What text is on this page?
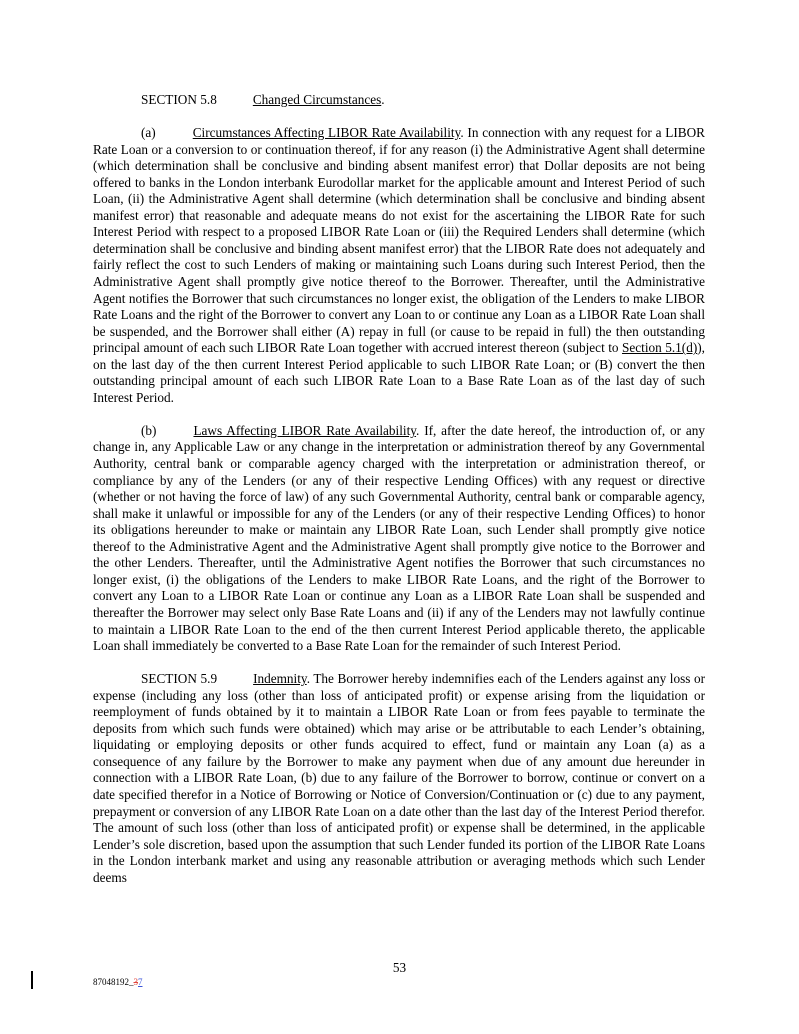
SECTION 5.8	Changed Circumstances.

(a)	Circumstances Affecting LIBOR Rate Availability. In connection with any request for a LIBOR Rate Loan or a conversion to or continuation thereof, if for any reason (i) the Administrative Agent shall determine (which determination shall be conclusive and binding absent manifest error) that Dollar deposits are not being offered to banks in the London interbank Eurodollar market for the applicable amount and Interest Period of such Loan, (ii) the Administrative Agent shall determine (which determination shall be conclusive and binding absent manifest error) that reasonable and adequate means do not exist for the ascertaining the LIBOR Rate for such Interest Period with respect to a proposed LIBOR Rate Loan or (iii) the Required Lenders shall determine (which determination shall be conclusive and binding absent manifest error) that the LIBOR Rate does not adequately and fairly reflect the cost to such Lenders of making or maintaining such Loans during such Interest Period, then the Administrative Agent shall promptly give notice thereof to the Borrower. Thereafter, until the Administrative Agent notifies the Borrower that such circumstances no longer exist, the obligation of the Lenders to make LIBOR Rate Loans and the right of the Borrower to convert any Loan to or continue any Loan as a LIBOR Rate Loan shall be suspended, and the Borrower shall either (A) repay in full (or cause to be repaid in full) the then outstanding principal amount of each such LIBOR Rate Loan together with accrued interest thereon (subject to Section 5.1(d)), on the last day of the then current Interest Period applicable to such LIBOR Rate Loan; or (B) convert the then outstanding principal amount of each such LIBOR Rate Loan to a Base Rate Loan as of the last day of such Interest Period.

(b)	Laws Affecting LIBOR Rate Availability. If, after the date hereof, the introduction of, or any change in, any Applicable Law or any change in the interpretation or administration thereof by any Governmental Authority, central bank or comparable agency charged with the interpretation or administration thereof, or compliance by any of the Lenders (or any of their respective Lending Offices) with any request or directive (whether or not having the force of law) of any such Governmental Authority, central bank or comparable agency, shall make it unlawful or impossible for any of the Lenders (or any of their respective Lending Offices) to honor its obligations hereunder to make or maintain any LIBOR Rate Loan, such Lender shall promptly give notice thereof to the Administrative Agent and the Administrative Agent shall promptly give notice to the Borrower and the other Lenders. Thereafter, until the Administrative Agent notifies the Borrower that such circumstances no longer exist, (i) the obligations of the Lenders to make LIBOR Rate Loans, and the right of the Borrower to convert any Loan to a LIBOR Rate Loan or continue any Loan as a LIBOR Rate Loan shall be suspended and thereafter the Borrower may select only Base Rate Loans and (ii) if any of the Lenders may not lawfully continue to maintain a LIBOR Rate Loan to the end of the then current Interest Period applicable thereto, the applicable Loan shall immediately be converted to a Base Rate Loan for the remainder of such Interest Period.

SECTION 5.9	Indemnity. The Borrower hereby indemnifies each of the Lenders against any loss or expense (including any loss (other than loss of anticipated profit) or expense arising from the liquidation or reemployment of funds obtained by it to maintain a LIBOR Rate Loan or from fees payable to terminate the deposits from which such funds were obtained) which may arise or be attributable to each Lender’s obtaining, liquidating or employing deposits or other funds acquired to effect, fund or maintain any Loan (a) as a consequence of any failure by the Borrower to make any payment when due of any amount due hereunder in connection with a LIBOR Rate Loan, (b) due to any failure of the Borrower to borrow, continue or convert on a date specified therefor in a Notice of Borrowing or Notice of Conversion/Continuation or (c) due to any payment, prepayment or conversion of any LIBOR Rate Loan on a date other than the last day of the Interest Period therefor. The amount of such loss (other than loss of anticipated profit) or expense shall be determined, in the applicable Lender’s sole discretion, based upon the assumption that such Lender funded its portion of the LIBOR Rate Loans in the London interbank market and using any reasonable attribution or averaging methods which such Lender deems

53
87048192_37
